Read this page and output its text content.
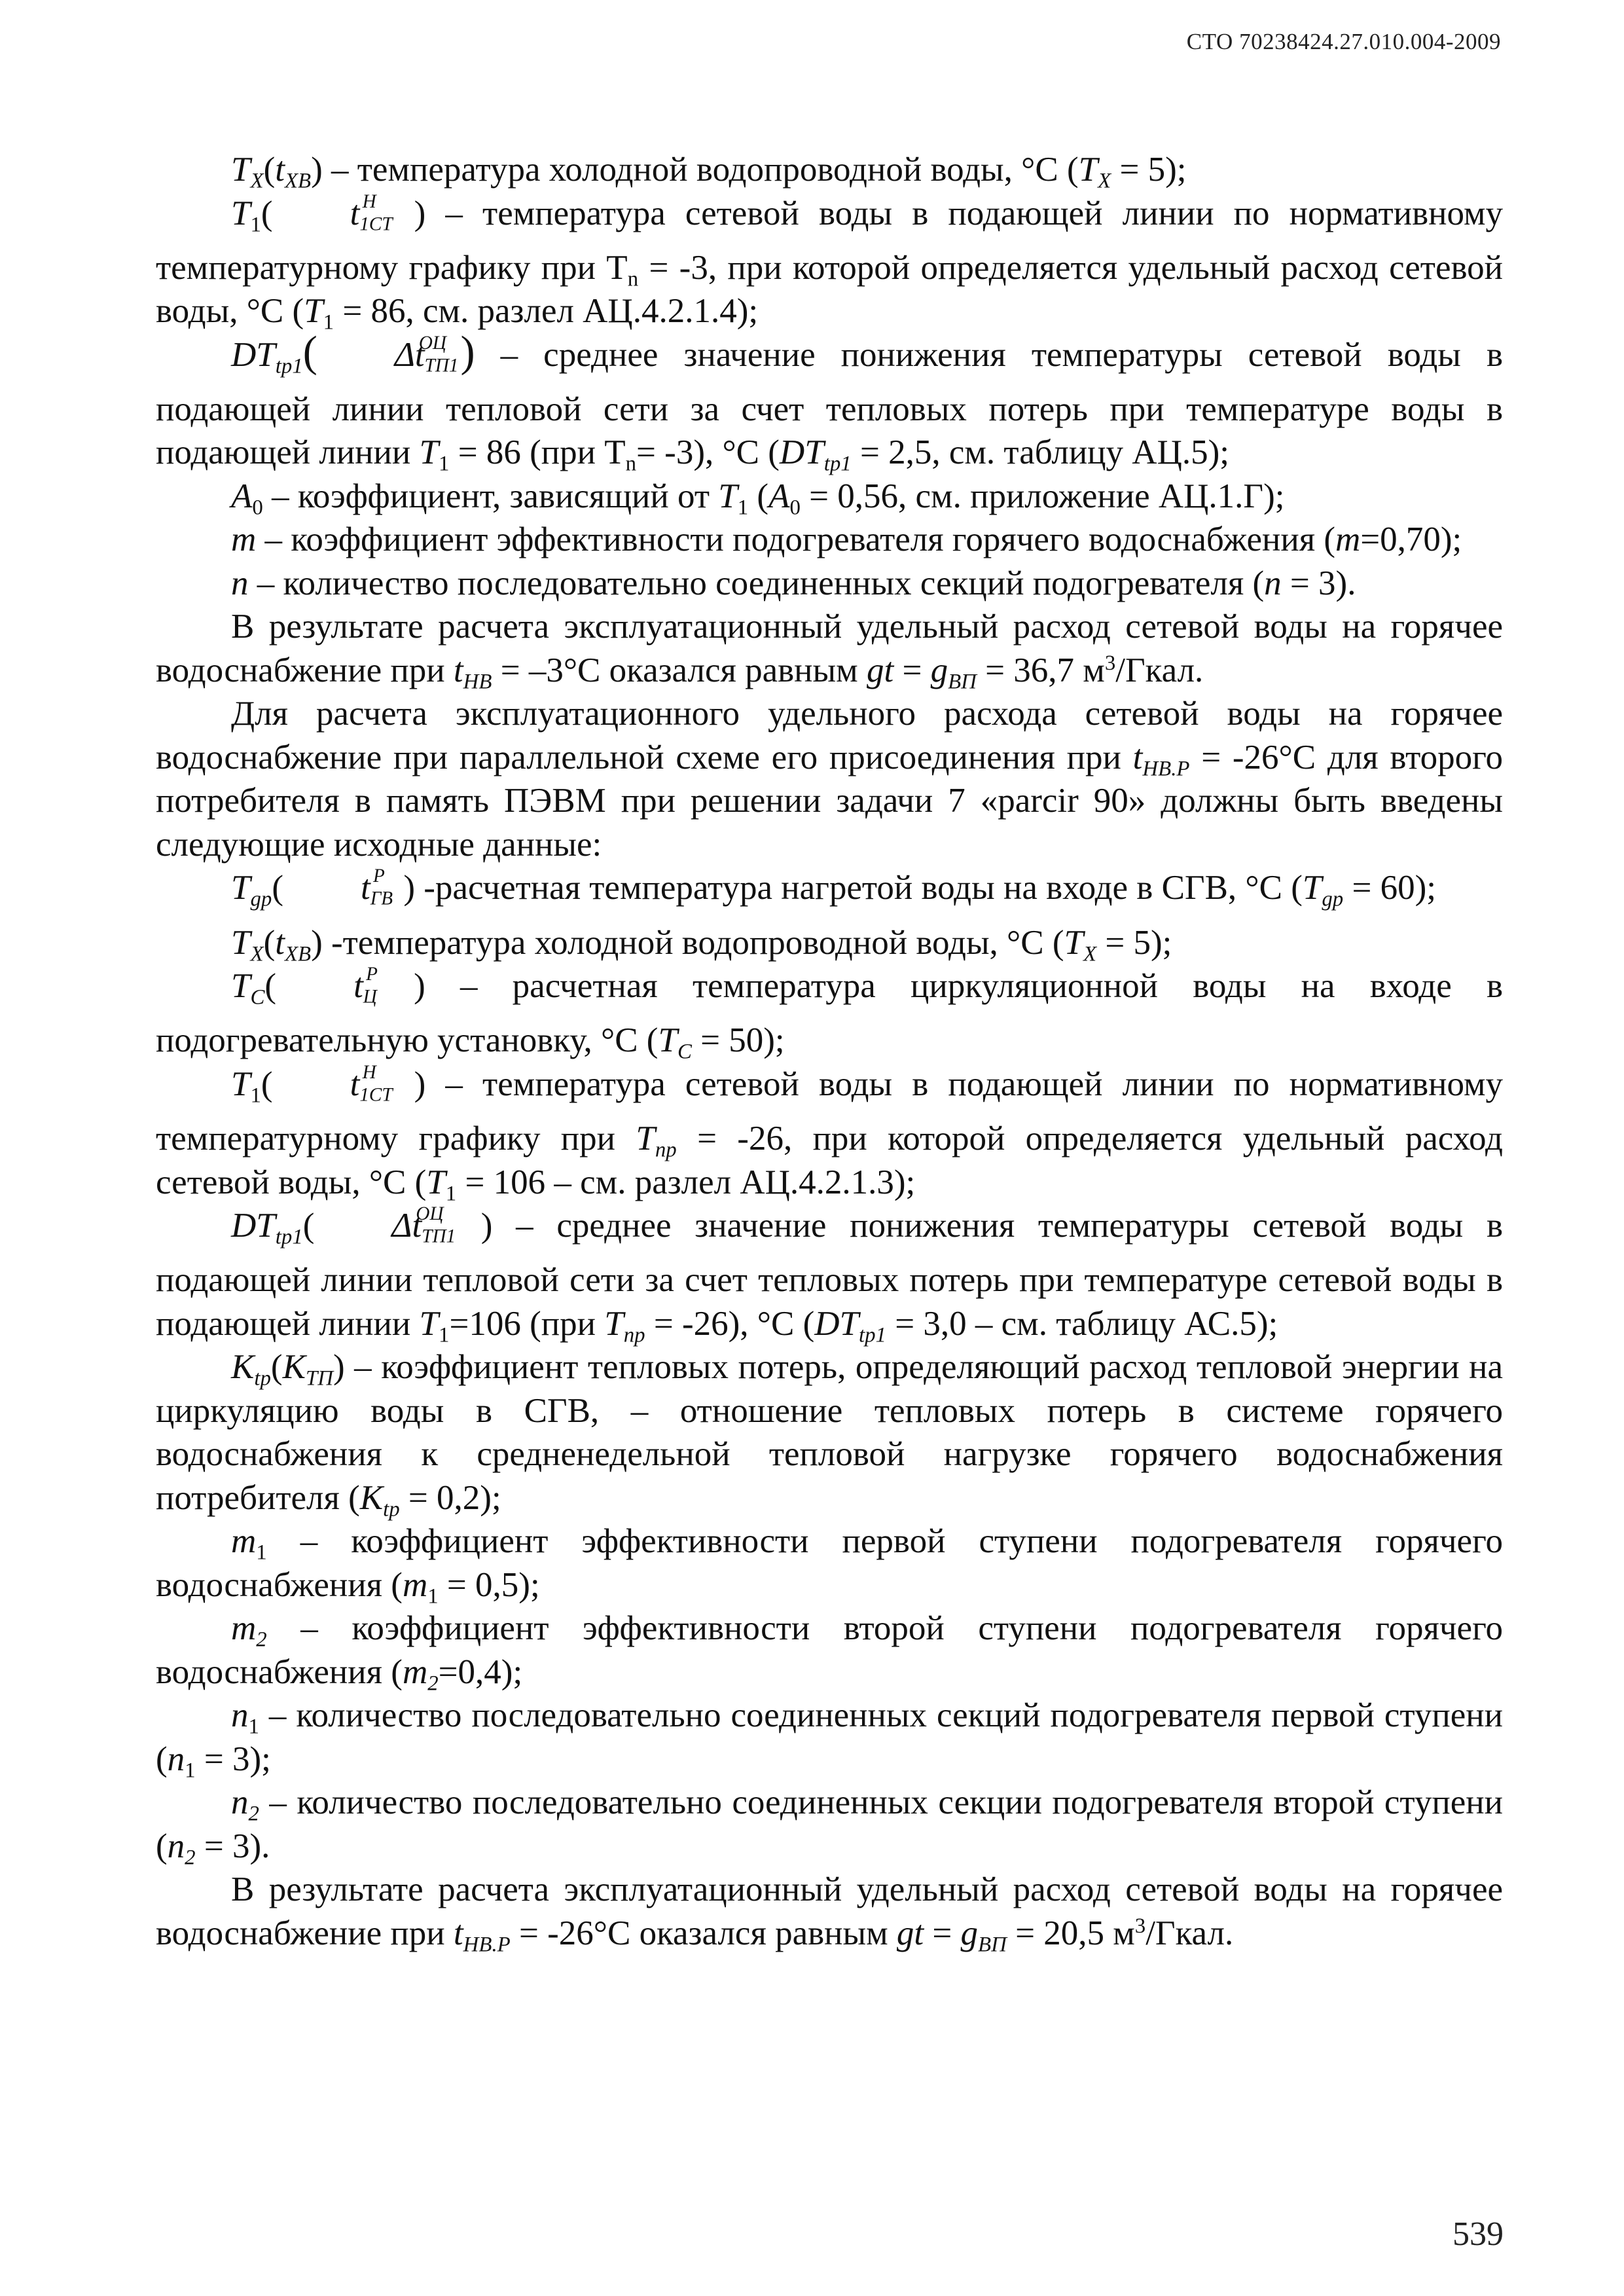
СТО 70238424.27.010.004-2009

$T_X(t_{ХВ})$ – температура холодной водопроводной воды, °С $(T_X = 5)$;

$T_1$( t Н
1СТ ) – температура сетевой воды в подающей линии по нормативному температурному графику при $Т_n = -3$, при которой определяется удельный расход сетевой воды, °С ($T_1 = 86$, см. разлел АЦ.4.2.1.4);

$DT_{tp1}$( Δt
ОЦ
ТП1) – среднее значение понижения температуры сетевой воды в подающей линии тепловой сети за счет тепловых потерь при температуре воды в подающей линии $T_1 = 86$ (при $Т_n= -3$), °С ($DT_{tp1} = 2,5$, см. таблицу АЦ.5);

$A_0$ – коэффициент, зависящий от $T_1$ ($A_0 = 0,56$, см. приложение АЦ.1.Г);

m – коэффициент эффективности подогревателя горячего водоснабжения (m=0,70);

n – количество последовательно соединенных секций подогревателя (n = 3).

В результате расчета эксплуатационный удельный расход сетевой воды на горячее водоснабжение при $t_{НВ} = -3^\circ С$ оказался равным gt = $g_{ВП} = 36,7$ $м^3$/Гкал.

Для расчета эксплуатационного удельного расхода сетевой воды на горячее водоснабжение при параллельной схеме его присоединения при $t_{НВ.Р} = -26^\circ С$ для второго потребителя в память ПЭВМ при решении задачи 7 «parcir 90» должны быть введены следующие исходные данные:

$T_{gp}$( t Р
ГВ ) -расчетная температура нагретой воды на входе в СГВ, °С $(T_{gp} = 60)$;

$T_X(t_{ХВ})$ -температура холодной водопроводной воды, °С $(T_X = 5)$;

$T_C$( t Р
Ц ) – расчетная температура циркуляционной воды на входе в подогревательную установку, °С $(T_C = 50)$;

$T_1$( t Н
1СТ ) – температура сетевой воды в подающей линии по нормативному температурному графику при $T_{np} = -26$, при которой определяется удельный расход сетевой воды, °С ($T_1 = 106$ – см. разлел АЦ.4.2.1.3);

$DT_{tp1}$( Δt
ОЦ
ТП1 ) – среднее значение понижения температуры сетевой воды в подающей линии тепловой сети за счет тепловых потерь при температуре сетевой воды в подающей линии $T_1=106$ (при $T_{np} = -26$), °С ($DT_{tp1} = 3,0$ – см. таблицу АС.5);

$K_{tp}(K_{ТП})$ – коэффициент тепловых потерь, определяющий расход тепловой энергии на циркуляцию воды в СГВ, – отношение тепловых потерь в системе горячего водоснабжения к средненедельной тепловой нагрузке горячего водоснабжения потребителя $(K_{tp} = 0,2)$;

$m_1$ – коэффициент эффективности первой ступени подогревателя горячего водоснабжения $(m_1 = 0,5)$;

$m_2$ – коэффициент эффективности второй ступени подогревателя горячего водоснабжения $(m_2=0,4)$;

$n_1$ – количество последовательно соединенных секций подогревателя первой ступени $(n_1 = 3)$;

$n_2$ – количество последовательно соединенных секции подогревателя второй ступени $(n_2 = 3)$.

В результате расчета эксплуатационный удельный расход сетевой воды на горячее водоснабжение при $t_{НВ.Р} = -26^\circ С$ оказался равным gt = $g_{ВП} = 20,5$ $м^3$/Гкал.

539
